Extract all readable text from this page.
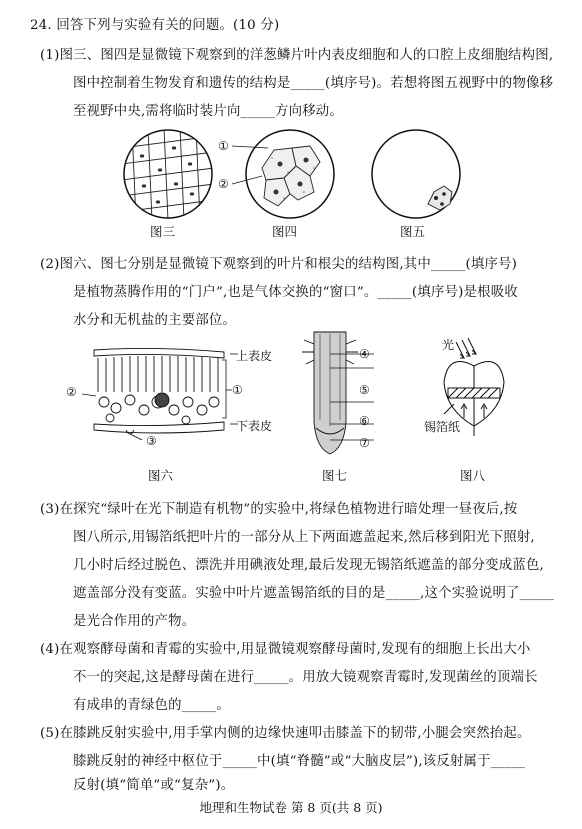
24. 回答下列与实验有关的问题。(10 分)
(1)图三、图四是显微镜下观察到的洋葱鳞片叶内表皮细胞和人的口腔上皮细胞结构图,
图中控制着生物发育和遗传的结构是_____(填序号)。若想将图五视野中的物像移
至视野中央,需将临时装片向_____方向移动。
①
②
图三	图四	图五
(2)图六、图七分别是显微镜下观察到的叶片和根尖的结构图,其中_____(填序号)
是植物蒸腾作用的“门户”,也是气体交换的“窗口”。_____(填序号)是根吸收
水分和无机盐的主要部位。
上表皮
①
下表皮
②
③
④
⑤
⑥
⑦
光
锡箔纸
图六	图七	图八
(3)在探究“绿叶在光下制造有机物”的实验中,将绿色植物进行暗处理一昼夜后,按
图八所示,用锡箔纸把叶片的一部分从上下两面遮盖起来,然后移到阳光下照射,
几小时后经过脱色、漂洗并用碘液处理,最后发现无锡箔纸遮盖的部分变成蓝色,
遮盖部分没有变蓝。实验中叶片遮盖锡箔纸的目的是_____,这个实验说明了_____
是光合作用的产物。
(4)在观察酵母菌和青霉的实验中,用显微镜观察酵母菌时,发现有的细胞上长出大小
不一的突起,这是酵母菌在进行_____。用放大镜观察青霉时,发现菌丝的顶端长
有成串的青绿色的_____。
(5)在膝跳反射实验中,用手掌内侧的边缘快速叩击膝盖下的韧带,小腿会突然抬起。
膝跳反射的神经中枢位于_____中(填“脊髓”或“大脑皮层”),该反射属于_____
反射(填“简单”或“复杂”)。
地理和生物试卷 第 8 页(共 8 页)
